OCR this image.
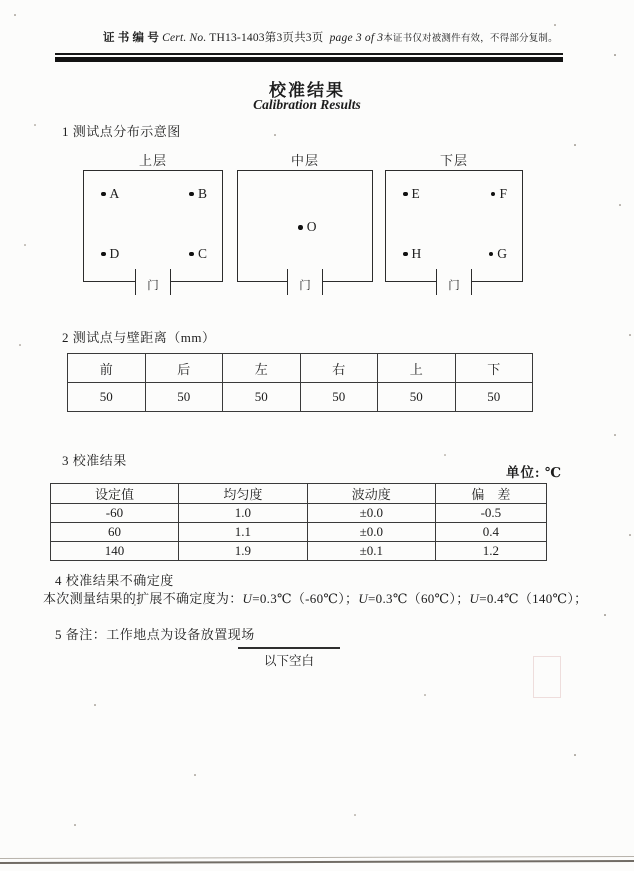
证 书 编 号 Cert. No. TH13-1403第3页共3页 page 3 of 3本证书仅对被测件有效，不得部分复制。
校准结果
Calibration Results
1 测试点分布示意图
上层
A	B
D	C
门
中层
O
门
下层
E	F
H	G
门
2 测试点与壁距离（mm）
前	后	左	右	上	下
50	50	50	50	50	50
3 校准结果
单位: ℃
设定值	均匀度	波动度	偏　差
-60	1.0	±0.0	-0.5
60	1.1	±0.0	0.4
140	1.9	±0.1	1.2
4 校准结果不确定度
本次测量结果的扩展不确定度为：U=0.3℃（-60℃）；U=0.3℃（60℃）；U=0.4℃（140℃）；
5 备注：工作地点为设备放置现场
以下空白
